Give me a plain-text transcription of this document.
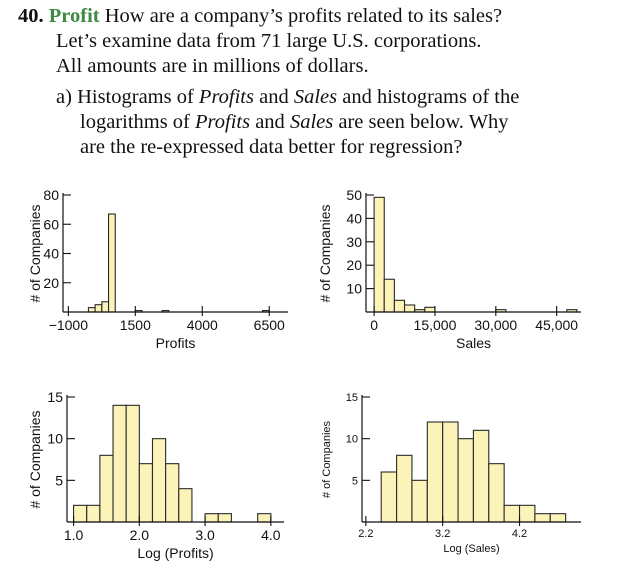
40. Profit How are a company’s profits related to its sales?
Let’s examine data from 71 large U.S. corporations.
All amounts are in millions of dollars.
a) Histograms of Profits and Sales and histograms of the
logarithms of Profits and Sales are seen below. Why
are the re-expressed data better for regression?
20
40
60
80
−1000 1500	4000	6500
Profits
# of Companies	10
20
30
40
50
0	15,000 30,000 45,000
Sales
# of Companies
5
10
15
1.0	2.0	3.0	4.0
Log (Profits)
# of Companies	5
10
15
2.2	3.2	4.2
Log (Sales)
# of Companies
